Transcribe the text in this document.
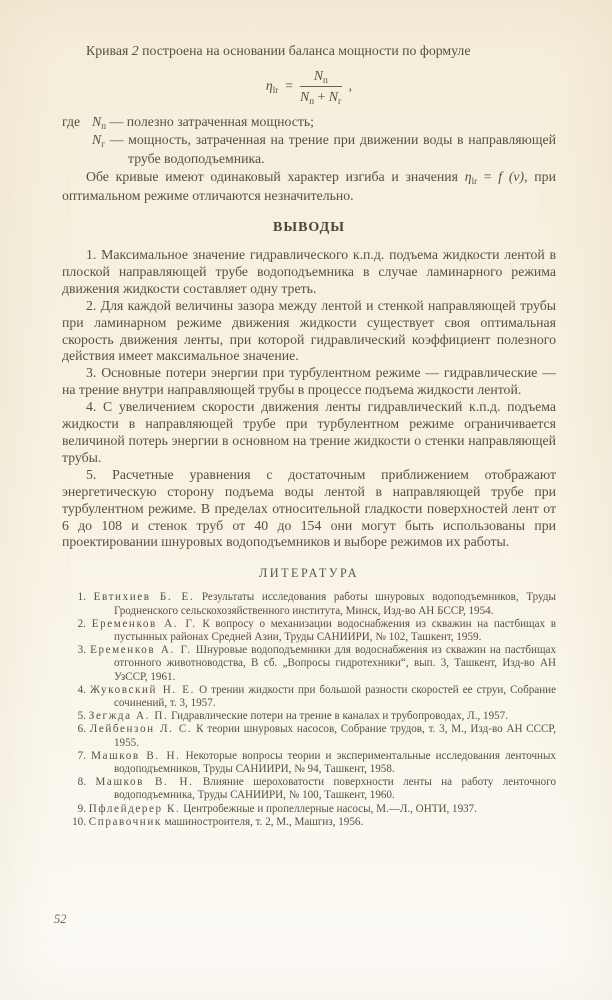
Кривая 2 построена на основании баланса мощности по формуле

$\eta_{lr} = \frac{N_п}{N_п + N_г}$ ,
где $N_п$ — полезно затраченная мощность;
$N_г$ — мощность, затраченная на трение при движении воды в направляющей трубе водоподъемника.

Обе кривые имеют одинаковый характер изгиба и значения $\eta_{lr} = f$ (v), при оптимальном режиме отличаются незначительно.

ВЫВОДЫ

1. Максимальное значение гидравлического к.п.д. подъема жидкости лентой в плоской направляющей трубе водоподъемника в случае ламинарного режима движения жидкости составляет одну треть.

2. Для каждой величины зазора между лентой и стенкой направляющей трубы при ламинарном режиме движения жидкости существует своя оптимальная скорость движения ленты, при которой гидравлический коэффициент полезного действия имеет максимальное значение.

3. Основные потери энергии при турбулентном режиме — гидравлические — на трение внутри направляющей трубы в процессе подъема жидкости лентой.

4. С увеличением скорости движения ленты гидравлический к.п.д. подъема жидкости в направляющей трубе при турбулентном режиме ограничивается величиной потерь энергии в основном на трение жидкости о стенки направляющей трубы.

5. Расчетные уравнения с достаточным приближением отображают энергетическую сторону подъема воды лентой в направляющей трубе при турбулентном режиме. В пределах относительной гладкости поверхностей лент от 6 до 108 и стенок труб от 40 до 154 они могут быть использованы при проектировании шнуровых водоподъемников и выборе режимов их работы.

ЛИТЕРАТУРА
1. Евтихиев Б. Е. Результаты исследования работы шнуровых водоподъемников, Труды Гродненского сельскохозяйственного института, Минск, Изд-во АН БССР, 1954.
2. Еременков А. Г. К вопросу о механизации водоснабжения из скважин на пастбищах в пустынных районах Средней Азии, Труды САНИИРИ, № 102, Ташкент, 1959.
3. Еременков А. Г. Шнуровые водоподъемники для водоснабжения из скважин на пастбищах отгонного животноводства, В сб. „Вопросы гидротехники“, вып. 3, Ташкент, Изд-во АН УзССР, 1961.
4. Жуковский Н. Е. О трении жидкости при большой разности скоростей ее струи, Собрание сочинений, т. 3, 1957.
5. Зегжда А. П. Гидравлические потери на трение в каналах и трубопроводах, Л., 1957.
6. Лейбензон Л. С. К теории шнуровых насосов, Собрание трудов, т. 3, М., Изд-во АН СССР, 1955.
7. Машков В. Н. Некоторые вопросы теории и экспериментальные исследования ленточных водоподъемников, Труды САНИИРИ, № 94, Ташкент, 1958.
8. Машков В. Н. Влияние шероховатости поверхности ленты на работу ленточного водоподъемника, Труды САНИИРИ, № 100, Ташкент, 1960.
9. Пфлейдерер К. Центробежные и пропеллерные насосы, М.—Л., ОНТИ, 1937.
10. Справочник машиностроителя, т. 2, М., Машгиз, 1956.
52
